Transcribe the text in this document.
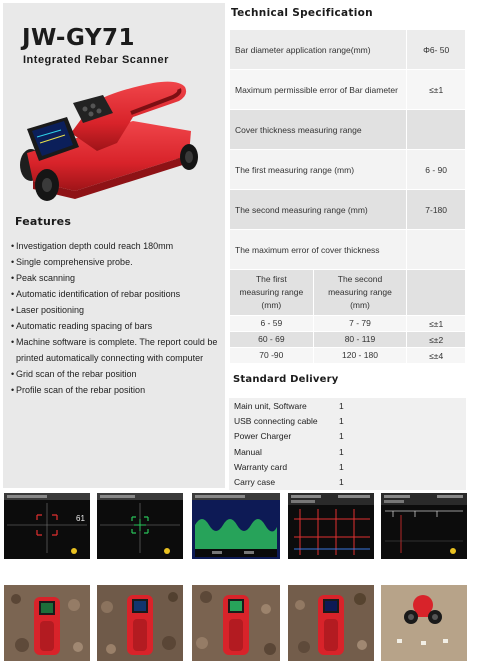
JW-GY71
Integrated Rebar Scanner
Features
• Investigation depth could reach 180mm
• Single comprehensive probe.
• Peak scanning
• Automatic identification of rebar positions
• Laser positioning
• Automatic reading spacing of bars
• Machine software is complete. The report could be printed automatically connecting with computer
• Grid scan of the rebar position
• Profile scan of the rebar position
Technical Specification
Bar diameter application range(mm)		Φ6- 50
Maximum permissible error of Bar diameter		≤±1
Cover thickness measuring range		
The first measuring range (mm)		6 - 90
The second measuring range (mm)		7-180
The maximum error of cover thickness		
The first measuring range (mm)	The second measuring range (mm)	
6 - 59	7 - 79	≤±1
60 - 69	80 - 119	≤±2
70 -90	120 - 180	≤±4
Standard Delivery
Main unit, Software	1
USB connecting cable	1
Power Charger	1
Manual	1
Warranty card	1
Carry case	1
61
